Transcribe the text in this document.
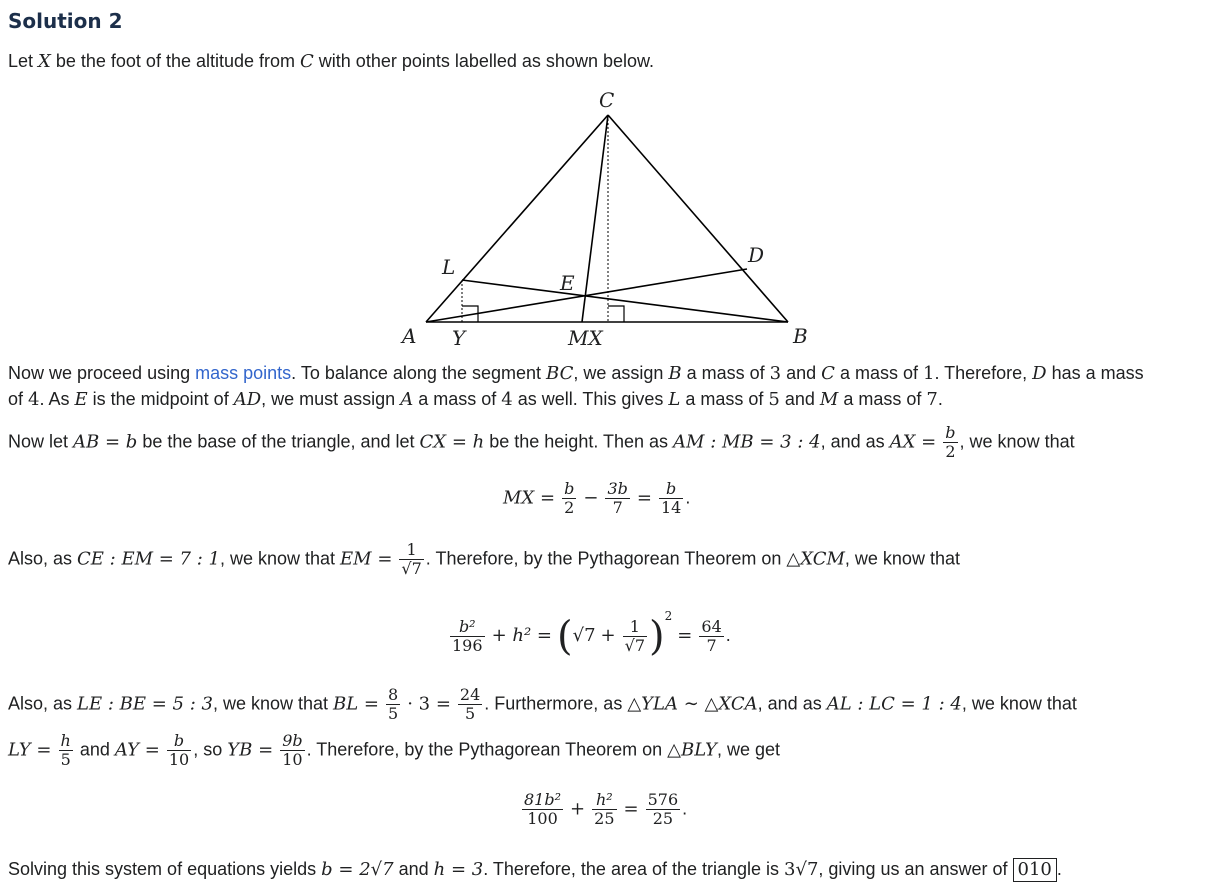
Solution 2
Let X be the foot of the altitude from C with other points labelled as shown below.
C
D
L
E
A Y	MX	B
Now we proceed using mass points. To balance along the segment BC, we assign B a mass of 3 and C a mass of 1. Therefore, D has a mass
of 4. As E is the midpoint of AD, we must assign A a mass of 4 as well. This gives L a mass of 5 and M a mass of 7.
Now let AB = b be the base of the triangle, and let CX = h be the height. Then as AM : MB = 3 : 4, and as AX = $\frac{b}{2}$ , we know that
MX = $\frac{b}{2} - \frac{3b}{7} = \frac{b}{14}$ .
Also, as CE : EM = 7 : 1, we know that EM = $\frac{1}{√7}$ . Therefore, by the Pythagorean Theorem on △XCM, we know that
$\frac{\text{b²}}{196} + h^2 = (√7 + \frac{1}{√7} )^2 = \frac{64}{7}$ .
Also, as LE : BE = 5 : 3, we know that BL = $\frac{8}{5} \cdot 3 = \frac{24}{5}$ . Furthermore, as △YLA ∼ △XCA, and as AL : LC = 1 : 4, we know that
LY = $\frac{h}{5}$ and AY = $\frac{b}{10}$ , so YB = $\frac{9b}{10}$ . Therefore, by the Pythagorean Theorem on △BLY, we get
$\frac{\text{81b²}}{100} + \frac{\text{h²}}{25} = \frac{576}{25}$ .
Solving this system of equations yields b = 2√7 and h = 3. Therefore, the area of the triangle is 3√7, giving us an answer of 010 .
